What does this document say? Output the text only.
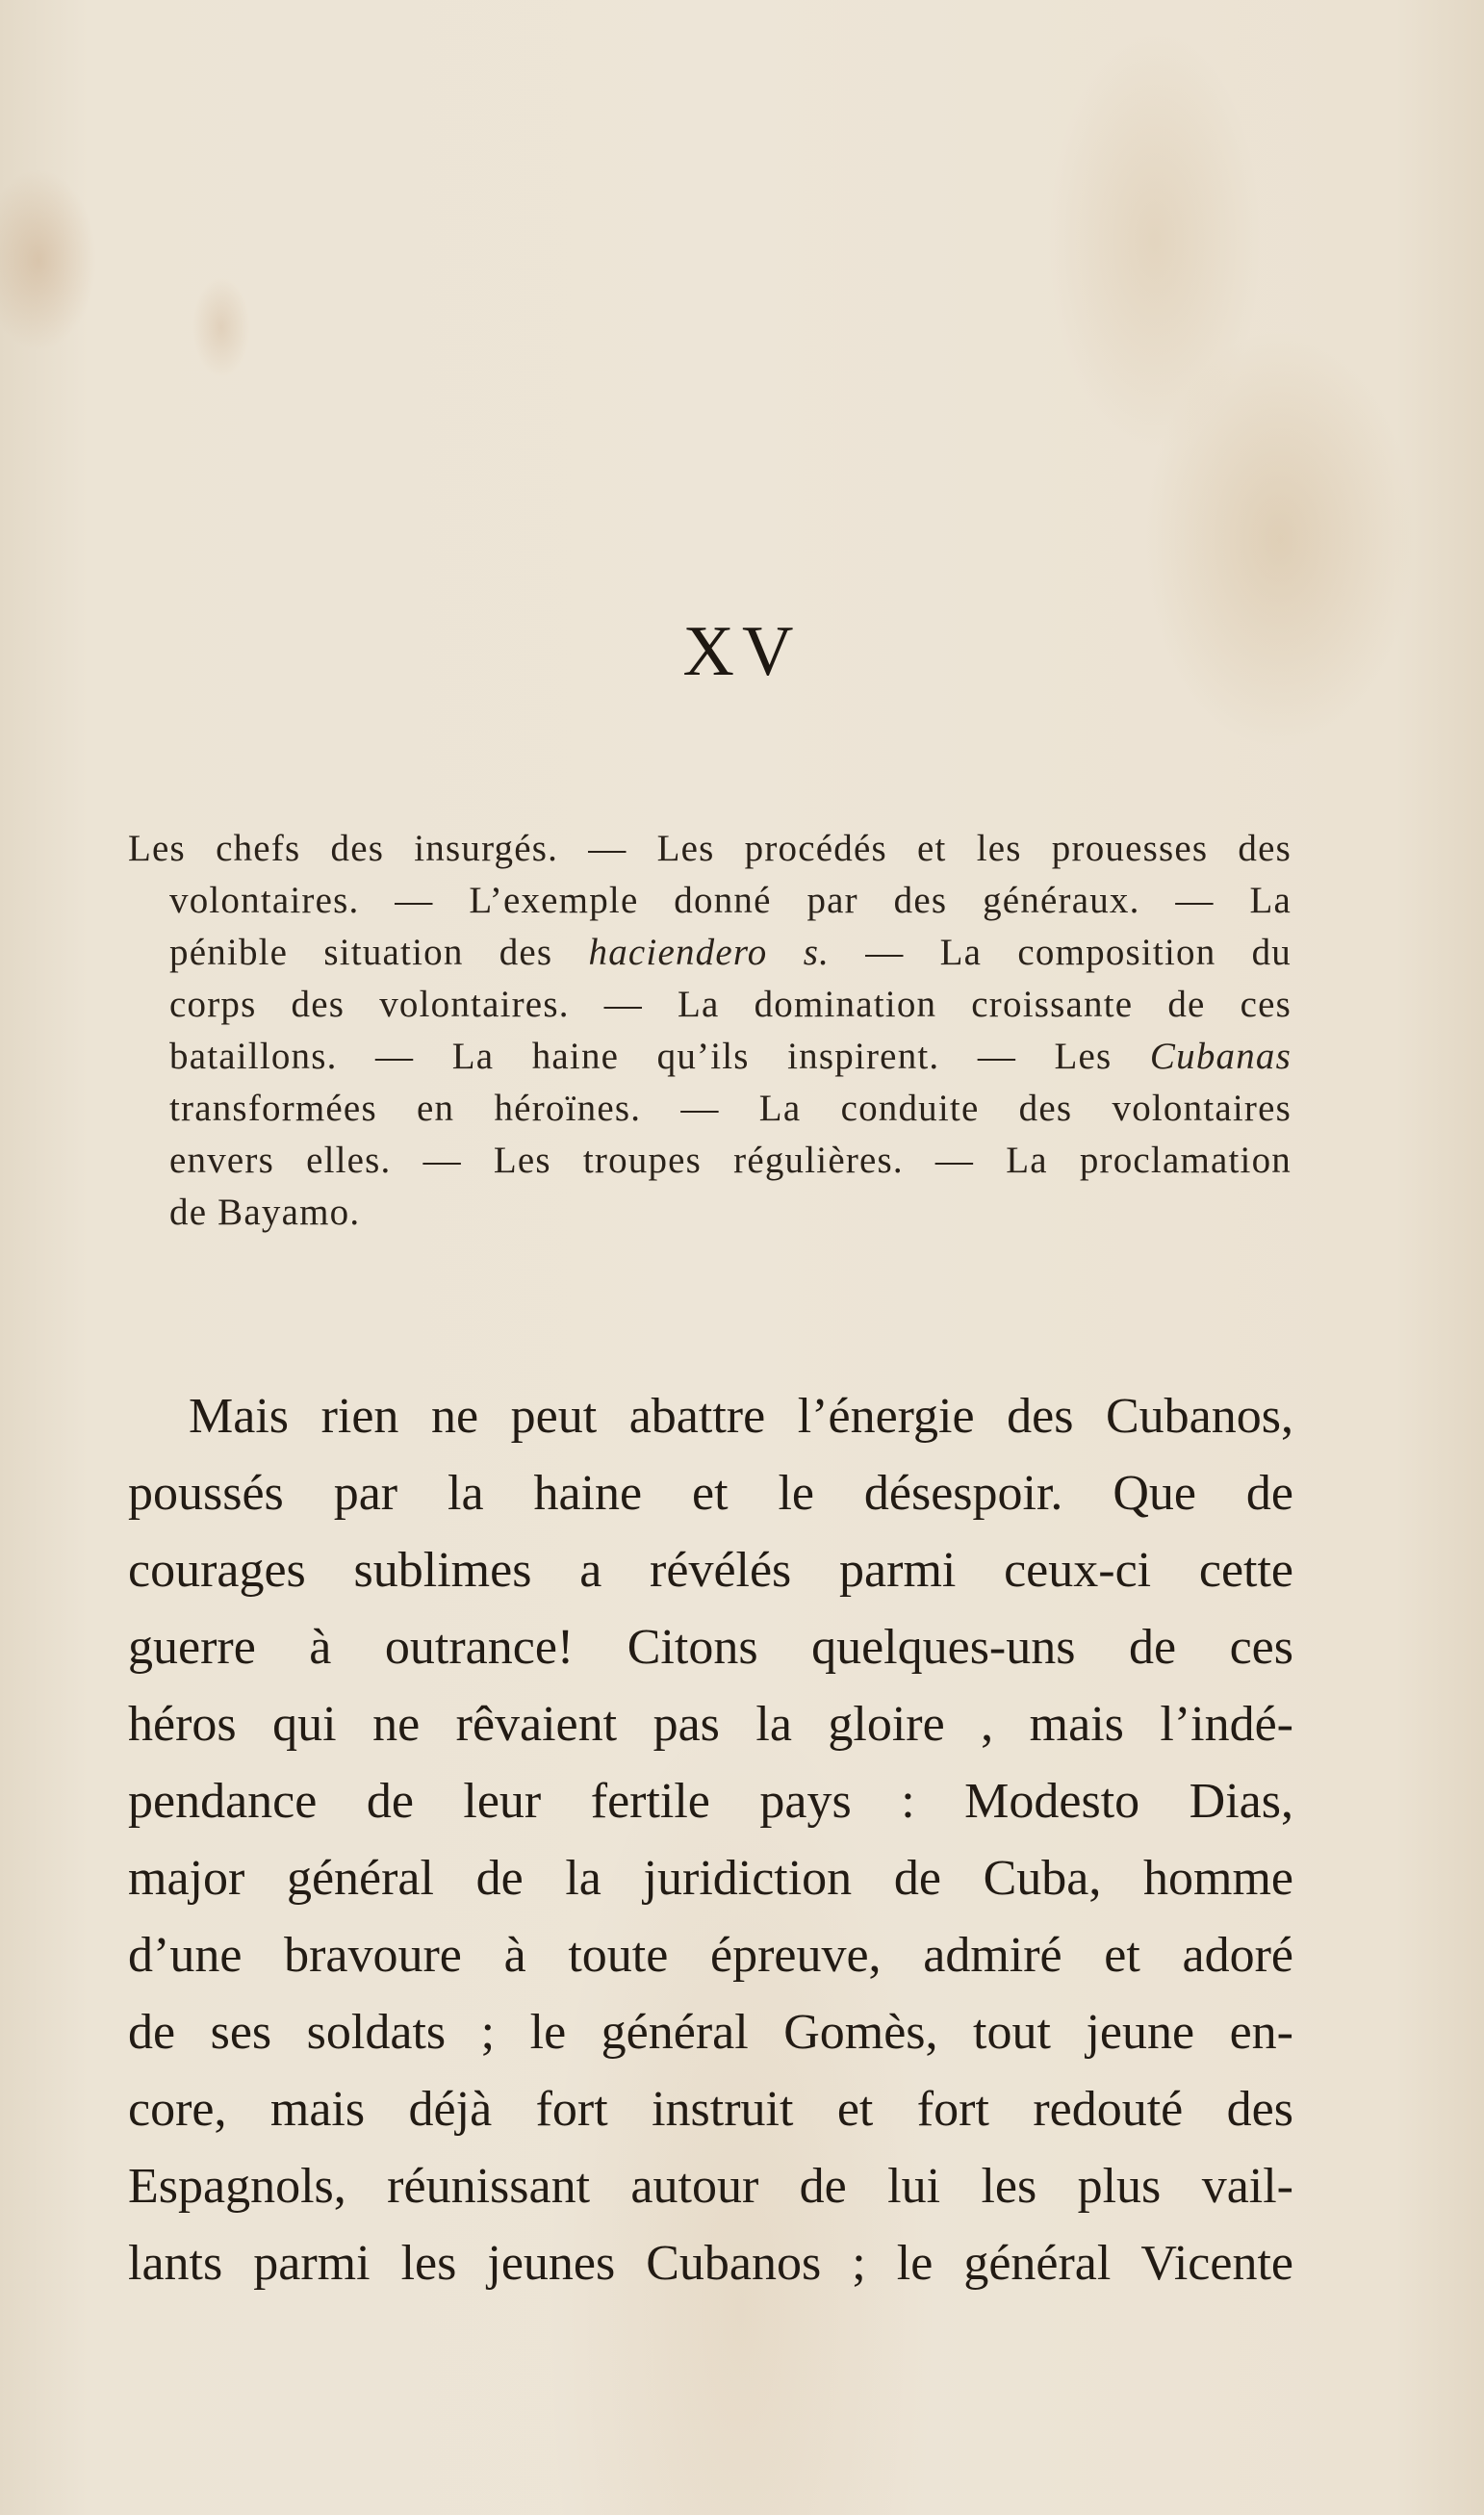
XV
Les chefs des insurgés. — Les procédés et les prouesses des
volontaires. — L’exemple donné par des généraux. — La
pénible situation des haciendero s. — La composition du
corps des volontaires. — La domination croissante de ces
bataillons. — La haine qu’ils inspirent. — Les Cubanas
transformées en héroïnes. — La conduite des volontaires
envers elles. — Les troupes régulières. — La proclamation
de Bayamo.
Mais rien ne peut abattre l’énergie des Cubanos,
poussés par la haine et le désespoir. Que de
courages sublimes a révélés parmi ceux-ci cette
guerre à outrance! Citons quelques-uns de ces
héros qui ne rêvaient pas la gloire , mais l’indé-
pendance de leur fertile pays : Modesto Dias,
major général de la juridiction de Cuba, homme
d’une bravoure à toute épreuve, admiré et adoré
de ses soldats ; le général Gomès, tout jeune en-
core, mais déjà fort instruit et fort redouté des
Espagnols, réunissant autour de lui les plus vail-
lants parmi les jeunes Cubanos ; le général Vicente
